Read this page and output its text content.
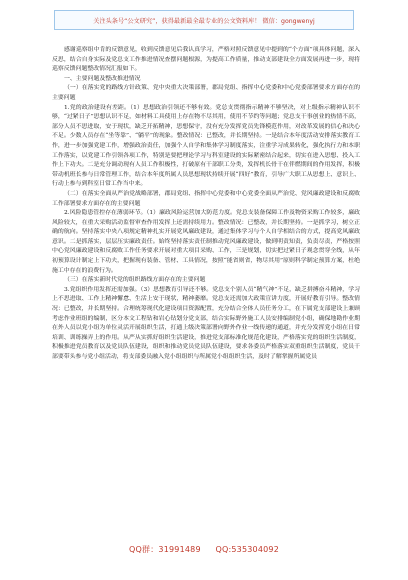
关注头条号“公文研究”，获得最新最全最专业的公文资料库！ 微信：gongwenyj

感谢巡察组中肯的反馈意见，收到反馈意见后我认真学习，严格对照反馈意见中提到的“个方面”项具体问题，深入反思，结合自身实际及党总支工作推进情况查摆问题根源，为提高工作质量，推动支部建设全方面发展再进一步，现将巡察反馈问题整改情况汇报如下。

一、主要问题及整改推进情况

（一）在落实党的路线方针政策、党中央重大决策部署，郡局党组、指挥中心党委和中心党委部署要求方面存在的主要问题

1.党的政治建设有差距。（1）思想政治引领还不够有效。党总支贯彻指示精神不够坚决，对上级指示精神认识不够，“过紧日子”思想认识不足，如材料工具使用上存在物不尽其用，使用不节约等问题；党总支干事创业的热情不高，部分人员不思进取，安于现状，缺乏开拓精神，思想保守，没有充分发挥党员先锋模范作用，对改革发展的信心和决心不足。少数人员存在“坐等靠”、“躺平”的现象。整改情况：已整改，并长期坚持。一是结合本年度活动安排落实教育工作，进一步加强党建工作，增强政治责任，加强个人自学和集体学习制度落实，注重学习成果转化，强化执行力和本职工作落实，以党建工作引领各项工作，特别是要把理论学习与科室建设的实际紧密结合起来，切实在进入思想、投入工作上下功夫。二是充分调动现有人员工作积极性，打破原有干部职工分类，发挥机长骨干在伴燃期间的作用发挥，积极带动机班长参与日常管理工作，结合本年度所属人员思想现状持续开展“四好”教育，引导广大职工从思想上、意识上、行动上参与到科室日常工作当中来。

（二）在落实全面从严治党战略部署，郡局党组、指挥中心党委和中心党委全面从严治党、党风廉政建设和反腐败工作部署要求方面存在的主要问题

2.风险隐患管控存在薄弱环节。（1）廉政风险运营加大防范力度。党总支装备保障工作及物资采购工作较多，廉政风险较大，在重大采购活动监督审查作用发挥上还需持续用力。整改情况：已整改，并长期坚持。一是抓学习，树立正确的航向。坚持落实中央八项规定精神扎实开展党风廉政建设，通过集体学习与个人自学相结合的方式，提高党风廉政意识。二是抓落实，层层压实廉政责任。始终坚持落实责任制推动党风廉政建设，做到明责知责，负责尽责，严格按照中心党风廉政建设和反腐败工作任务要求开展对重大项目采购、工作，三是规划，切实把过紧日子观念贯穿全线，从年初预算设计制定上下功夫，把握现有装备、管材、工具情况，按照“能省则省，物尽其用”原则科学制定预算方案，杜绝施工中存在的浪费行为。

（三）在落实新时代党的组织路线方面存在的主要问题

3.党组织作用发挥还需加强。（3）思想教育引导还不够。党总支个别人员“精气神”不足，缺乏拼搏奋斗精神，学习上不思进取、工作上精神懈怠、生活上安于现状，精神萎靡。党总支还需加大政策宣讲力度，开展好教育引导。整改情况：已整改，并长期坚持。合理统筹现代化建设项目资源配置，充分结合全体人员任务分工，在下属党支部建设上兼顾考虑作业班组的编制，区分本文工程钻和岩心钻划分党支部，结合实际野外施工人员安排编制党小组，确保地勘作业期在外人员以党小组为单位灵活开展组织生活，打通上级决策部署向野外作业一线传递的通道，并充分发挥党小组在日常培训、训练操弄上的作用。从严从实抓好组织生活建设，推进党支部标准化规范化建设，严格落实党的组织生活制度，积极推进党员教育以及党员队伍建设，组织和推动党员党员队伍建设，要求各委员严格落实双重组织生活制度，党员干部要带头参与党小组活动，将支部委员融入党小组组织与所属党小组组织生活，及时了解掌握所属党员

QQ群：31991489 QQ:535304092
